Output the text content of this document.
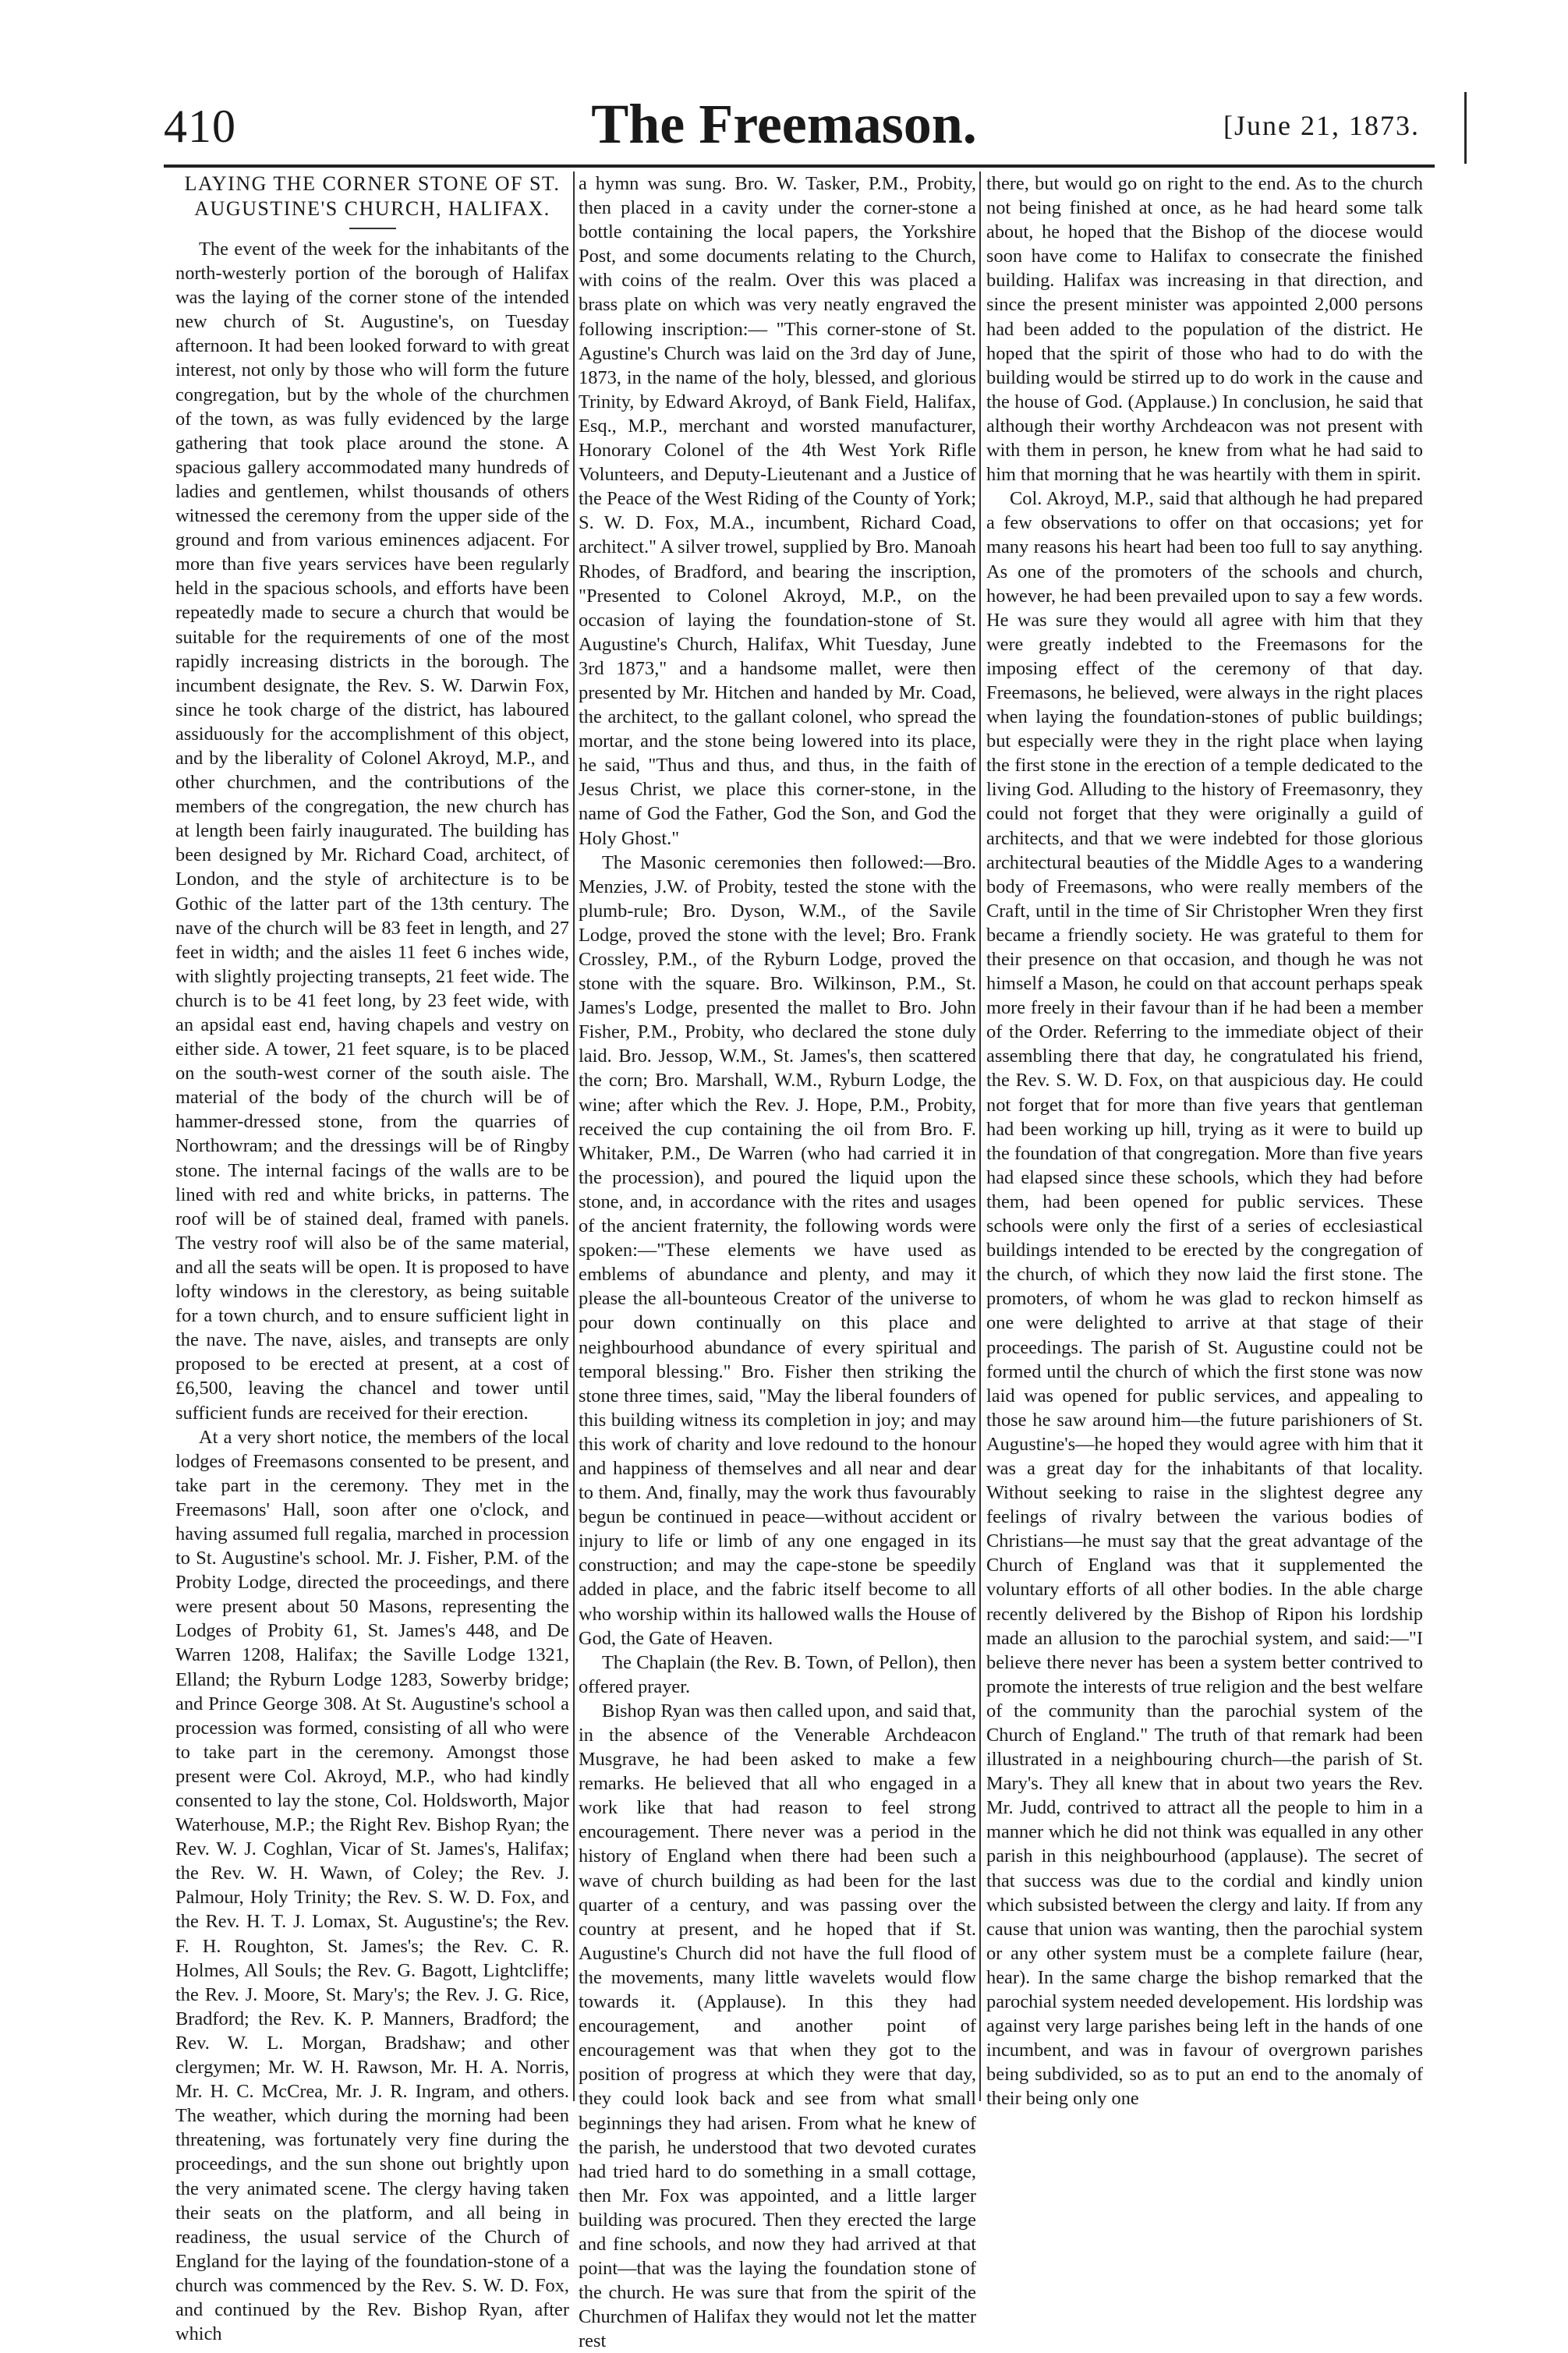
410	The Freemason.	[June 21, 1873.
LAYING THE CORNER STONE OF ST. AUGUSTINE'S CHURCH, HALIFAX.

The event of the week for the inhabitants of the north-westerly portion of the borough of Halifax was the laying of the corner stone of the intended new church of St. Augustine's, on Tuesday afternoon. It had been looked forward to with great interest, not only by those who will form the future congregation, but by the whole of the churchmen of the town, as was fully evidenced by the large gathering that took place around the stone. A spacious gallery accommodated many hundreds of ladies and gentlemen, whilst thousands of others witnessed the ceremony from the upper side of the ground and from various eminences adjacent. For more than five years services have been regularly held in the spacious schools, and efforts have been repeatedly made to secure a church that would be suitable for the requirements of one of the most rapidly increasing districts in the borough. The incumbent designate, the Rev. S. W. Darwin Fox, since he took charge of the district, has laboured assiduously for the accomplishment of this object, and by the liberality of Colonel Akroyd, M.P., and other churchmen, and the contributions of the members of the congregation, the new church has at length been fairly inaugurated. The building has been designed by Mr. Richard Coad, architect, of London, and the style of architecture is to be Gothic of the latter part of the 13th century. The nave of the church will be 83 feet in length, and 27 feet in width; and the aisles 11 feet 6 inches wide, with slightly projecting transepts, 21 feet wide. The church is to be 41 feet long, by 23 feet wide, with an apsidal east end, having chapels and vestry on either side. A tower, 21 feet square, is to be placed on the south-west corner of the south aisle. The material of the body of the church will be of hammer-dressed stone, from the quarries of Northowram; and the dressings will be of Ringby stone. The internal facings of the walls are to be lined with red and white bricks, in patterns. The roof will be of stained deal, framed with panels. The vestry roof will also be of the same material, and all the seats will be open. It is proposed to have lofty windows in the clerestory, as being suitable for a town church, and to ensure sufficient light in the nave. The nave, aisles, and transepts are only proposed to be erected at present, at a cost of £6,500, leaving the chancel and tower until sufficient funds are received for their erection.

At a very short notice, the members of the local lodges of Freemasons consented to be present, and take part in the ceremony. They met in the Freemasons' Hall, soon after one o'clock, and having assumed full regalia, marched in procession to St. Augustine's school. Mr. J. Fisher, P.M. of the Probity Lodge, directed the proceedings, and there were present about 50 Masons, representing the Lodges of Probity 61, St. James's 448, and De Warren 1208, Halifax; the Saville Lodge 1321, Elland; the Ryburn Lodge 1283, Sowerby bridge; and Prince George 308. At St. Augustine's school a procession was formed, consisting of all who were to take part in the ceremony. Amongst those present were Col. Akroyd, M.P., who had kindly consented to lay the stone, Col. Holdsworth, Major Waterhouse, M.P.; the Right Rev. Bishop Ryan; the Rev. W. J. Coghlan, Vicar of St. James's, Halifax; the Rev. W. H. Wawn, of Coley; the Rev. J. Palmour, Holy Trinity; the Rev. S. W. D. Fox, and the Rev. H. T. J. Lomax, St. Augustine's; the Rev. F. H. Roughton, St. James's; the Rev. C. R. Holmes, All Souls; the Rev. G. Bagott, Lightcliffe; the Rev. J. Moore, St. Mary's; the Rev. J. G. Rice, Bradford; the Rev. K. P. Manners, Bradford; the Rev. W. L. Morgan, Bradshaw; and other clergymen; Mr. W. H. Rawson, Mr. H. A. Norris, Mr. H. C. McCrea, Mr. J. R. Ingram, and others. The weather, which during the morning had been threatening, was fortunately very fine during the proceedings, and the sun shone out brightly upon the very animated scene. The clergy having taken their seats on the platform, and all being in readiness, the usual service of the Church of England for the laying of the foundation-stone of a church was commenced by the Rev. S. W. D. Fox, and continued by the Rev. Bishop Ryan, after which

a hymn was sung. Bro. W. Tasker, P.M., Probity, then placed in a cavity under the corner-stone a bottle containing the local papers, the Yorkshire Post, and some documents relating to the Church, with coins of the realm. Over this was placed a brass plate on which was very neatly engraved the following inscription:— "This corner-stone of St. Agustine's Church was laid on the 3rd day of June, 1873, in the name of the holy, blessed, and glorious Trinity, by Edward Akroyd, of Bank Field, Halifax, Esq., M.P., merchant and worsted manufacturer, Honorary Colonel of the 4th West York Rifle Volunteers, and Deputy-Lieutenant and a Justice of the Peace of the West Riding of the County of York; S. W. D. Fox, M.A., incumbent, Richard Coad, architect." A silver trowel, supplied by Bro. Manoah Rhodes, of Bradford, and bearing the inscription, "Presented to Colonel Akroyd, M.P., on the occasion of laying the foundation-stone of St. Augustine's Church, Halifax, Whit Tuesday, June 3rd 1873," and a handsome mallet, were then presented by Mr. Hitchen and handed by Mr. Coad, the architect, to the gallant colonel, who spread the mortar, and the stone being lowered into its place, he said, "Thus and thus, and thus, in the faith of Jesus Christ, we place this corner-stone, in the name of God the Father, God the Son, and God the Holy Ghost."

The Masonic ceremonies then followed:—Bro. Menzies, J.W. of Probity, tested the stone with the plumb-rule; Bro. Dyson, W.M., of the Savile Lodge, proved the stone with the level; Bro. Frank Crossley, P.M., of the Ryburn Lodge, proved the stone with the square. Bro. Wilkinson, P.M., St. James's Lodge, presented the mallet to Bro. John Fisher, P.M., Probity, who declared the stone duly laid. Bro. Jessop, W.M., St. James's, then scattered the corn; Bro. Marshall, W.M., Ryburn Lodge, the wine; after which the Rev. J. Hope, P.M., Probity, received the cup containing the oil from Bro. F. Whitaker, P.M., De Warren (who had carried it in the procession), and poured the liquid upon the stone, and, in accordance with the rites and usages of the ancient fraternity, the following words were spoken:—"These elements we have used as emblems of abundance and plenty, and may it please the all-bounteous Creator of the universe to pour down continually on this place and neighbourhood abundance of every spiritual and temporal blessing." Bro. Fisher then striking the stone three times, said, "May the liberal founders of this building witness its completion in joy; and may this work of charity and love redound to the honour and happiness of themselves and all near and dear to them. And, finally, may the work thus favourably begun be continued in peace—without accident or injury to life or limb of any one engaged in its construction; and may the cape-stone be speedily added in place, and the fabric itself become to all who worship within its hallowed walls the House of God, the Gate of Heaven.

The Chaplain (the Rev. B. Town, of Pellon), then offered prayer.

Bishop Ryan was then called upon, and said that, in the absence of the Venerable Archdeacon Musgrave, he had been asked to make a few remarks. He believed that all who engaged in a work like that had reason to feel strong encouragement. There never was a period in the history of England when there had been such a wave of church building as had been for the last quarter of a century, and was passing over the country at present, and he hoped that if St. Augustine's Church did not have the full flood of the movements, many little wavelets would flow towards it. (Applause). In this they had encouragement, and another point of encouragement was that when they got to the position of progress at which they were that day, they could look back and see from what small beginnings they had arisen. From what he knew of the parish, he understood that two devoted curates had tried hard to do something in a small cottage, then Mr. Fox was appointed, and a little larger building was procured. Then they erected the large and fine schools, and now they had arrived at that point—that was the laying the foundation stone of the church. He was sure that from the spirit of the Churchmen of Halifax they would not let the matter rest

there, but would go on right to the end. As to the church not being finished at once, as he had heard some talk about, he hoped that the Bishop of the diocese would soon have come to Halifax to consecrate the finished building. Halifax was increasing in that direction, and since the present minister was appointed 2,000 persons had been added to the population of the district. He hoped that the spirit of those who had to do with the building would be stirred up to do work in the cause and the house of God. (Applause.) In conclusion, he said that although their worthy Archdeacon was not present with with them in person, he knew from what he had said to him that morning that he was heartily with them in spirit.

Col. Akroyd, M.P., said that although he had prepared a few observations to offer on that occasions; yet for many reasons his heart had been too full to say anything. As one of the promoters of the schools and church, however, he had been prevailed upon to say a few words. He was sure they would all agree with him that they were greatly indebted to the Freemasons for the imposing effect of the ceremony of that day. Freemasons, he believed, were always in the right places when laying the foundation-stones of public buildings; but especially were they in the right place when laying the first stone in the erection of a temple dedicated to the living God. Alluding to the history of Freemasonry, they could not forget that they were originally a guild of architects, and that we were indebted for those glorious architectural beauties of the Middle Ages to a wandering body of Freemasons, who were really members of the Craft, until in the time of Sir Christopher Wren they first became a friendly society. He was grateful to them for their presence on that occasion, and though he was not himself a Mason, he could on that account perhaps speak more freely in their favour than if he had been a member of the Order. Referring to the immediate object of their assembling there that day, he congratulated his friend, the Rev. S. W. D. Fox, on that auspicious day. He could not forget that for more than five years that gentleman had been working up hill, trying as it were to build up the foundation of that congregation. More than five years had elapsed since these schools, which they had before them, had been opened for public services. These schools were only the first of a series of ecclesiastical buildings intended to be erected by the congregation of the church, of which they now laid the first stone. The promoters, of whom he was glad to reckon himself as one were delighted to arrive at that stage of their proceedings. The parish of St. Augustine could not be formed until the church of which the first stone was now laid was opened for public services, and appealing to those he saw around him—the future parishioners of St. Augustine's—he hoped they would agree with him that it was a great day for the inhabitants of that locality. Without seeking to raise in the slightest degree any feelings of rivalry between the various bodies of Christians—he must say that the great advantage of the Church of England was that it supplemented the voluntary efforts of all other bodies. In the able charge recently delivered by the Bishop of Ripon his lordship made an allusion to the parochial system, and said:—"I believe there never has been a system better contrived to promote the interests of true religion and the best welfare of the community than the parochial system of the Church of England." The truth of that remark had been illustrated in a neighbouring church—the parish of St. Mary's. They all knew that in about two years the Rev. Mr. Judd, contrived to attract all the people to him in a manner which he did not think was equalled in any other parish in this neighbourhood (applause). The secret of that success was due to the cordial and kindly union which subsisted between the clergy and laity. If from any cause that union was wanting, then the parochial system or any other system must be a complete failure (hear, hear). In the same charge the bishop remarked that the parochial system needed developement. His lordship was against very large parishes being left in the hands of one incumbent, and was in favour of overgrown parishes being subdivided, so as to put an end to the anomaly of their being only one
